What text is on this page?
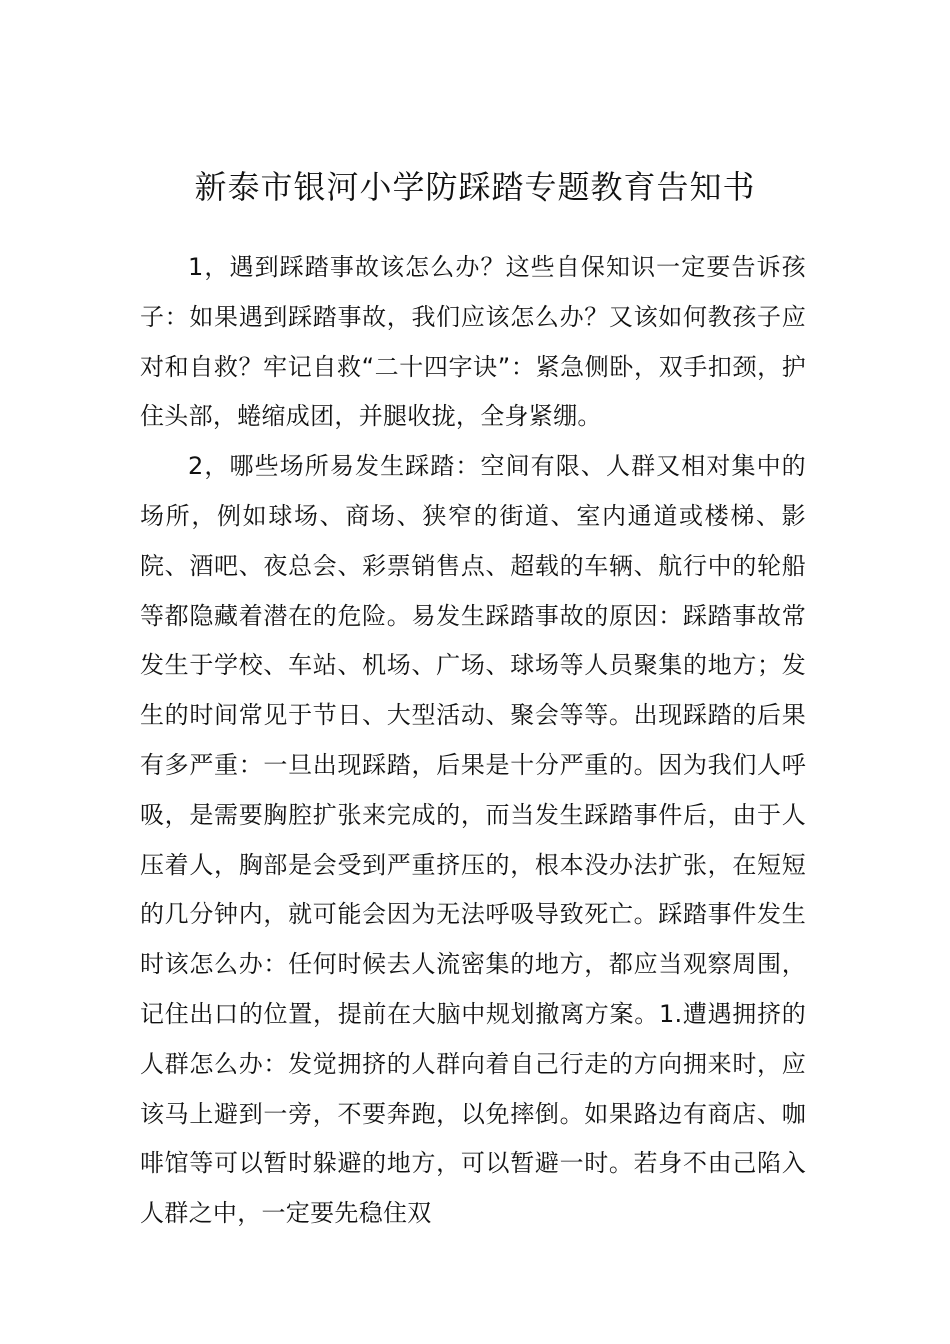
新泰市银河小学防踩踏专题教育告知书

1，遇到踩踏事故该怎么办？这些自保知识一定要告诉孩子：如果遇到踩踏事故，我们应该怎么办？又该如何教孩子应对和自救？牢记自救“二十四字诀”：紧急侧卧，双手扣颈，护住头部，蜷缩成团，并腿收拢，全身紧绷。

2，哪些场所易发生踩踏：空间有限、人群又相对集中的场所，例如球场、商场、狭窄的街道、室内通道或楼梯、影院、酒吧、夜总会、彩票销售点、超载的车辆、航行中的轮船等都隐藏着潜在的危险。易发生踩踏事故的原因：踩踏事故常发生于学校、车站、机场、广场、球场等人员聚集的地方；发生的时间常见于节日、大型活动、聚会等等。出现踩踏的后果有多严重：一旦出现踩踏，后果是十分严重的。因为我们人呼吸，是需要胸腔扩张来完成的，而当发生踩踏事件后，由于人压着人，胸部是会受到严重挤压的，根本没办法扩张，在短短的几分钟内，就可能会因为无法呼吸导致死亡。踩踏事件发生时该怎么办：任何时候去人流密集的地方，都应当观察周围，记住出口的位置，提前在大脑中规划撤离方案。1.遭遇拥挤的人群怎么办：发觉拥挤的人群向着自己行走的方向拥来时，应该马上避到一旁，不要奔跑，以免摔倒。如果路边有商店、咖啡馆等可以暂时躲避的地方，可以暂避一时。若身不由己陷入人群之中，一定要先稳住双
